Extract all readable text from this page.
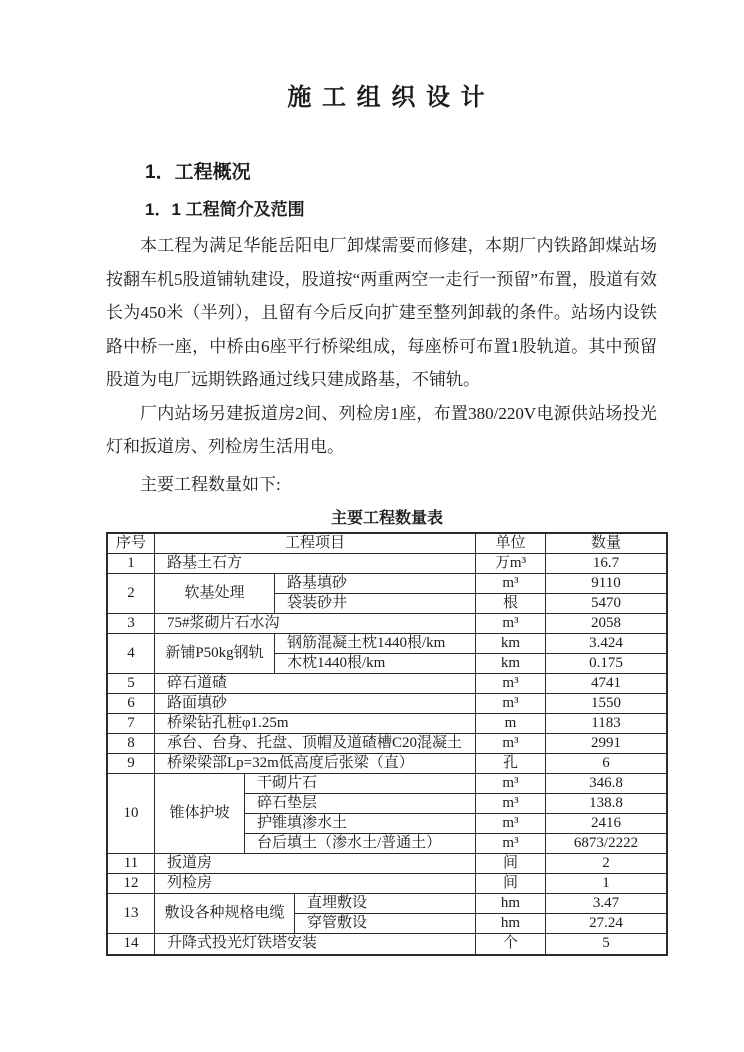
施 工 组 织 设 计
1．工程概况
1．1 工程简介及范围
本工程为满足华能岳阳电厂卸煤需要而修建，本期厂内铁路卸煤站场按翻车机5股道铺轨建设，股道按“两重两空一走行一预留”布置，股道有效长为450米（半列），且留有今后反向扩建至整列卸载的条件。站场内设铁路中桥一座，中桥由6座平行桥梁组成，每座桥可布置1股轨道。其中预留股道为电厂远期铁路通过线只建成路基，不铺轨。
厂内站场另建扳道房2间、列检房1座，布置380/220V电源供站场投光灯和扳道房、列检房生活用电。
主要工程数量如下:
主要工程数量表
序号	工程项目	单位	数量
1	路基土石方	万m³	16.7
2	软基处理
路基填砂	m³	9110
袋装砂井	根	5470
3	75#浆砌片石水沟	m³	2058
4	新铺P50kg钢轨
钢筋混凝土枕1440根/km	km	3.424
木枕1440根/km	km	0.175
5	碎石道碴	m³	4741
6	路面填砂	m³	1550
7	桥梁钻孔桩φ1.25m	m	1183
8	承台、台身、托盘、顶帽及道碴槽C20混凝土	m³	2991
9	桥梁梁部Lp=32m低高度后张梁（直）	孔	6
10	锥体护坡
干砌片石	m³	346.8
碎石垫层	m³	138.8
护锥填渗水土	m³	2416
台后填土（渗水土/普通土）	m³	6873/2222
11	扳道房	间	2
12	列检房	间	1
13	敷设各种规格电缆
直埋敷设	hm	3.47
穿管敷设	hm	27.24
14	升降式投光灯铁塔安装	个	5
